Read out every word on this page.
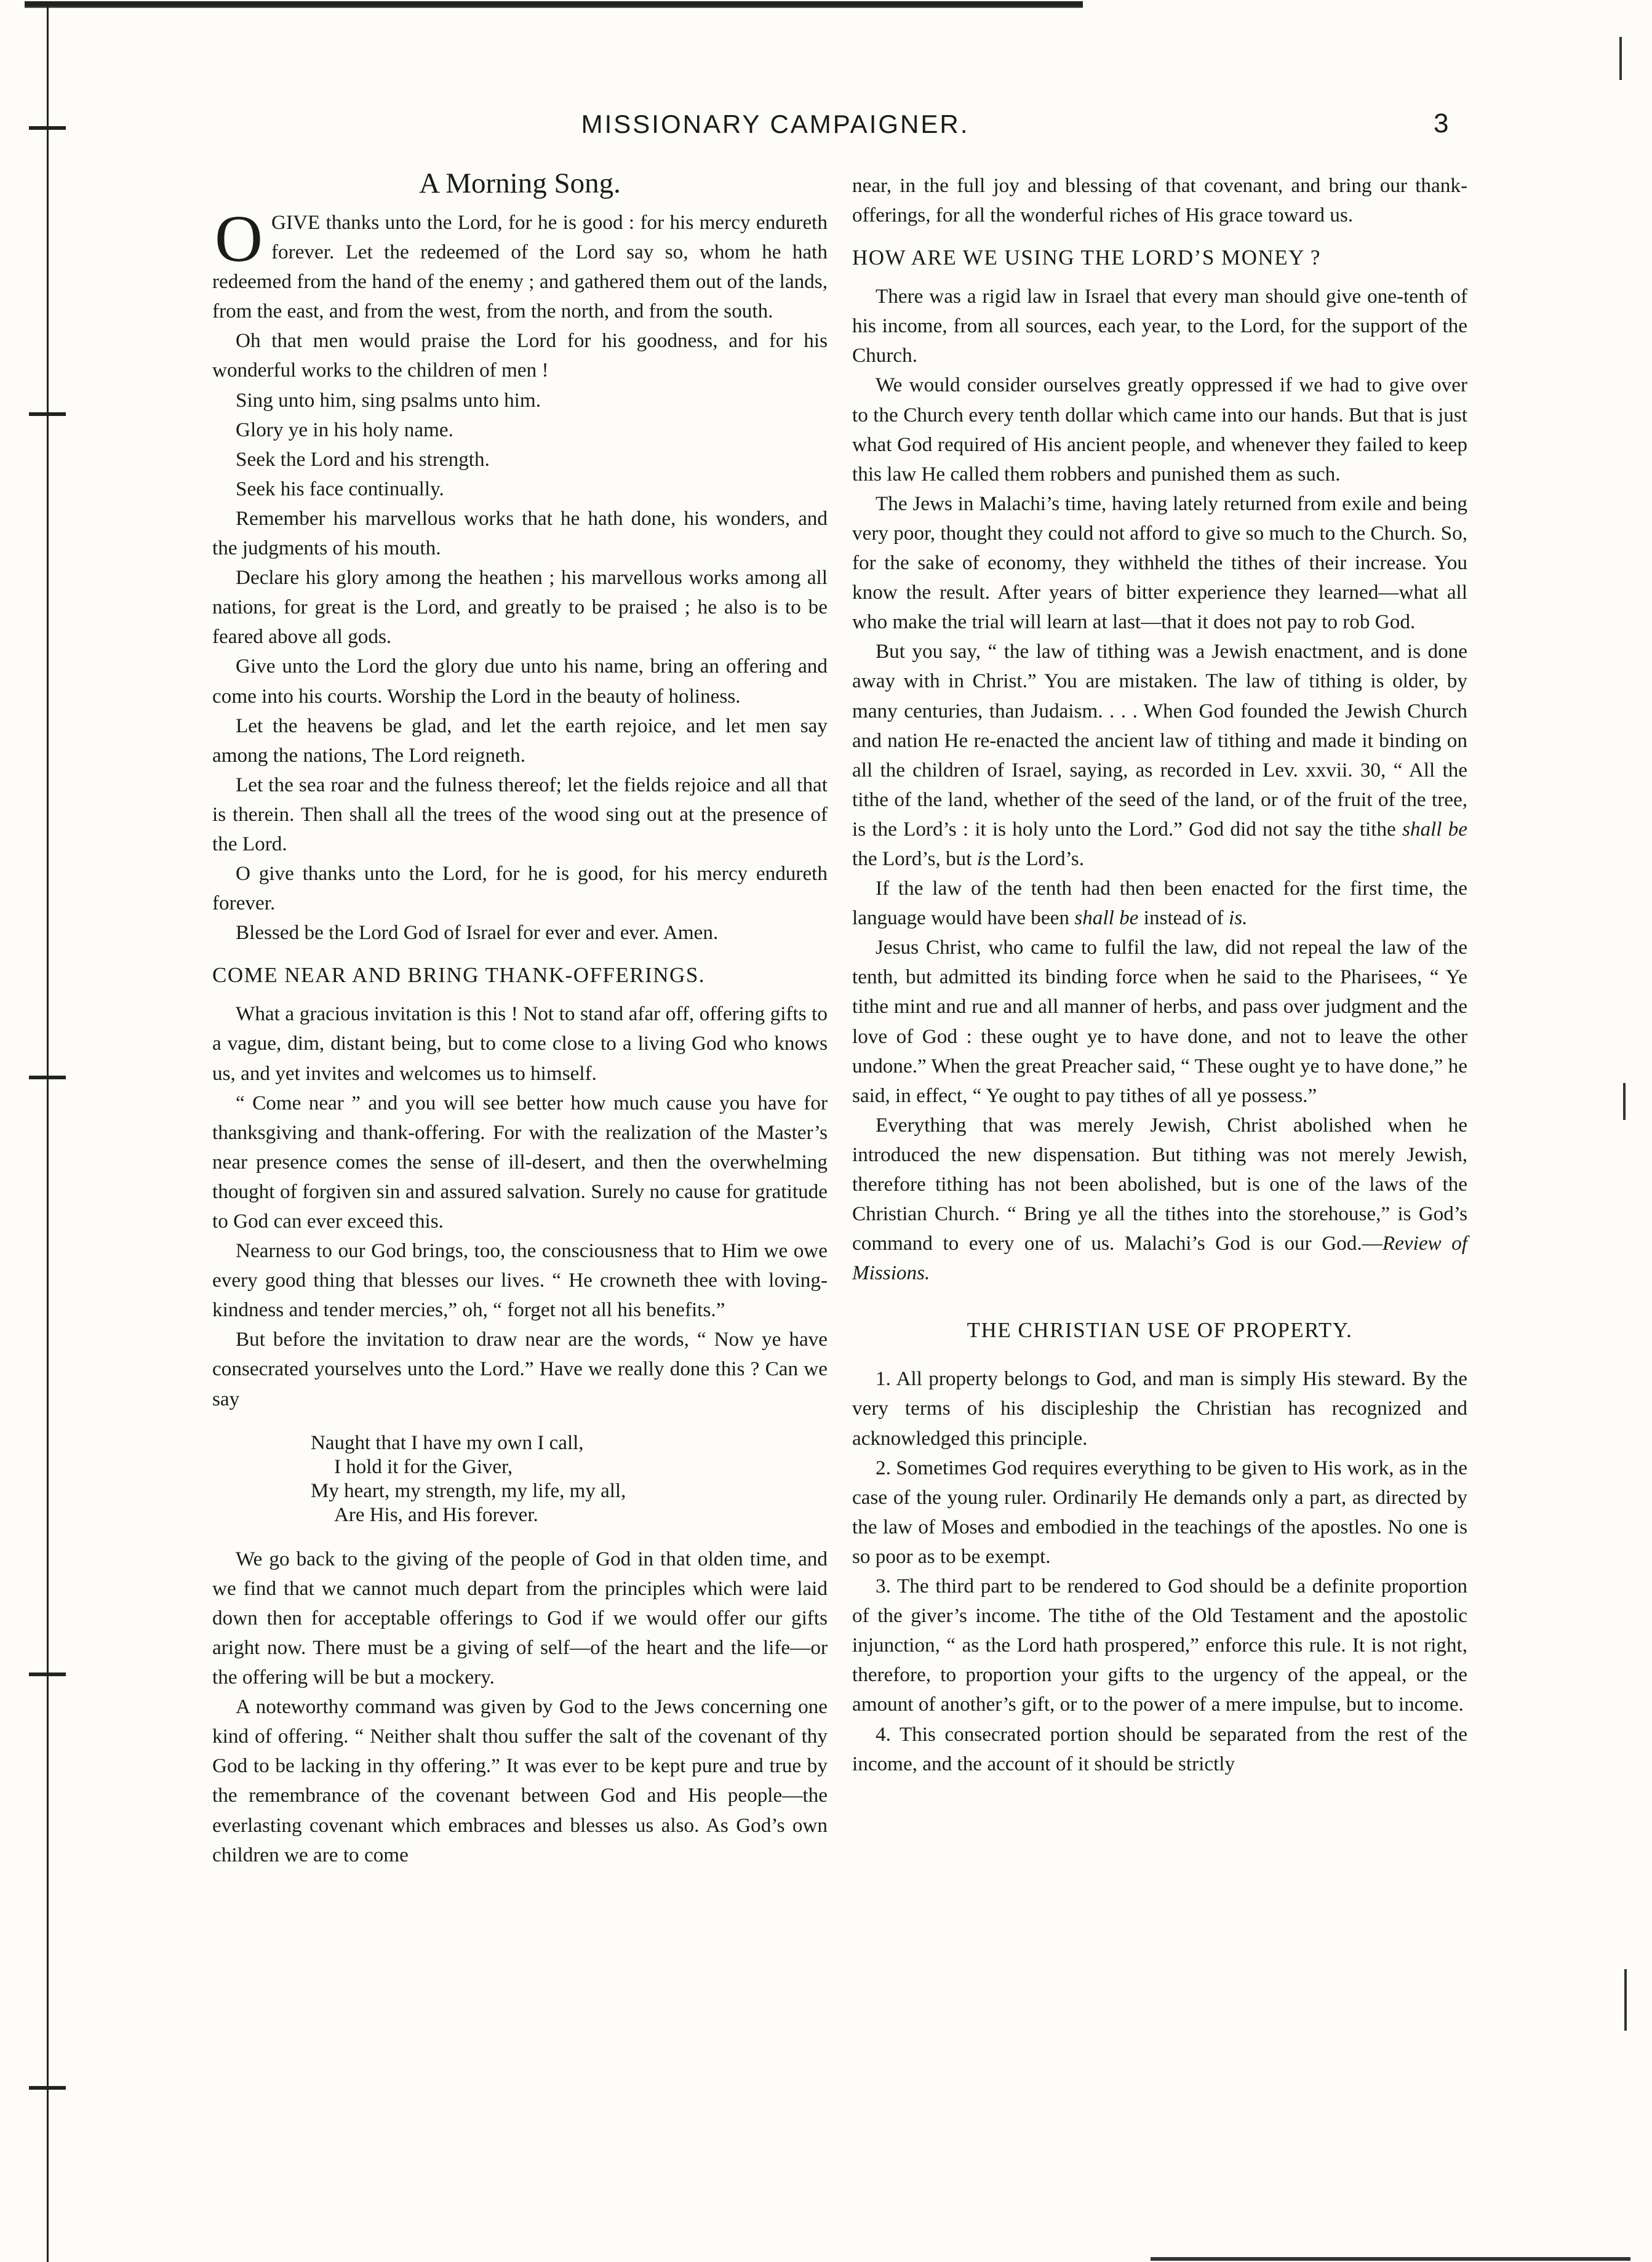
MISSIONARY CAMPAIGNER.	3
A Morning Song.
O GIVE thanks unto the Lord, for he is good : for his mercy endureth forever. Let the redeemed of the Lord say so, whom he hath redeemed from the hand of the enemy ; and gathered them out of the lands, from the east, and from the west, from the north, and from the south.

Oh that men would praise the Lord for his goodness, and for his wonderful works to the children of men !

Sing unto him, sing psalms unto him.

Glory ye in his holy name.

Seek the Lord and his strength.

Seek his face continually.

Remember his marvellous works that he hath done, his wonders, and the judgments of his mouth.

Declare his glory among the heathen ; his marvellous works among all nations, for great is the Lord, and greatly to be praised ; he also is to be feared above all gods.

Give unto the Lord the glory due unto his name, bring an offering and come into his courts. Worship the Lord in the beauty of holiness.

Let the heavens be glad, and let the earth rejoice, and let men say among the nations, The Lord reigneth.

Let the sea roar and the fulness thereof; let the fields rejoice and all that is therein. Then shall all the trees of the wood sing out at the presence of the Lord.

O give thanks unto the Lord, for he is good, for his mercy endureth forever.

Blessed be the Lord God of Israel for ever and ever. Amen.

COME NEAR AND BRING THANK-OFFERINGS.

What a gracious invitation is this ! Not to stand afar off, offering gifts to a vague, dim, distant being, but to come close to a living God who knows us, and yet invites and welcomes us to himself.

“ Come near ” and you will see better how much cause you have for thanksgiving and thank-offering. For with the realization of the Master’s near presence comes the sense of ill-desert, and then the overwhelming thought of forgiven sin and assured salvation. Surely no cause for gratitude to God can ever exceed this.

Nearness to our God brings, too, the consciousness that to Him we owe every good thing that blesses our lives. “ He crowneth thee with loving-kindness and tender mercies,” oh, “ forget not all his benefits.”

But before the invitation to draw near are the words, “ Now ye have consecrated yourselves unto the Lord.” Have we really done this ? Can we say

Naught that I have my own I call,
I hold it for the Giver,
My heart, my strength, my life, my all,
Are His, and His forever.

We go back to the giving of the people of God in that olden time, and we find that we cannot much depart from the principles which were laid down then for acceptable offerings to God if we would offer our gifts aright now. There must be a giving of self—of the heart and the life—or the offering will be but a mockery.

A noteworthy command was given by God to the Jews concerning one kind of offering. “ Neither shalt thou suffer the salt of the covenant of thy God to be lacking in thy offering.” It was ever to be kept pure and true by the remembrance of the covenant between God and His people—the everlasting covenant which embraces and blesses us also. As God’s own children we are to come

near, in the full joy and blessing of that covenant, and bring our thank-offerings, for all the wonderful riches of His grace toward us.

HOW ARE WE USING THE LORD’S MONEY ?

There was a rigid law in Israel that every man should give one-tenth of his income, from all sources, each year, to the Lord, for the support of the Church.

We would consider ourselves greatly oppressed if we had to give over to the Church every tenth dollar which came into our hands. But that is just what God required of His ancient people, and whenever they failed to keep this law He called them robbers and punished them as such.

The Jews in Malachi’s time, having lately returned from exile and being very poor, thought they could not afford to give so much to the Church. So, for the sake of economy, they withheld the tithes of their increase. You know the result. After years of bitter experience they learned—what all who make the trial will learn at last—that it does not pay to rob God.

But you say, “ the law of tithing was a Jewish enactment, and is done away with in Christ.” You are mistaken. The law of tithing is older, by many centuries, than Judaism. . . . When God founded the Jewish Church and nation He re-enacted the ancient law of tithing and made it binding on all the children of Israel, saying, as recorded in Lev. xxvii. 30, “ All the tithe of the land, whether of the seed of the land, or of the fruit of the tree, is the Lord’s : it is holy unto the Lord.” God did not say the tithe shall be the Lord’s, but is the Lord’s.

If the law of the tenth had then been enacted for the first time, the language would have been shall be instead of is.

Jesus Christ, who came to fulfil the law, did not repeal the law of the tenth, but admitted its binding force when he said to the Pharisees, “ Ye tithe mint and rue and all manner of herbs, and pass over judgment and the love of God : these ought ye to have done, and not to leave the other undone.” When the great Preacher said, “ These ought ye to have done,” he said, in effect, “ Ye ought to pay tithes of all ye possess.”

Everything that was merely Jewish, Christ abolished when he introduced the new dispensation. But tithing was not merely Jewish, therefore tithing has not been abolished, but is one of the laws of the Christian Church. “ Bring ye all the tithes into the storehouse,” is God’s command to every one of us. Malachi’s God is our God.—Review of Missions.

THE CHRISTIAN USE OF PROPERTY.

1. All property belongs to God, and man is simply His steward. By the very terms of his discipleship the Christian has recognized and acknowledged this principle.

2. Sometimes God requires everything to be given to His work, as in the case of the young ruler. Ordinarily He demands only a part, as directed by the law of Moses and embodied in the teachings of the apostles. No one is so poor as to be exempt.

3. The third part to be rendered to God should be a definite proportion of the giver’s income. The tithe of the Old Testament and the apostolic injunction, “ as the Lord hath prospered,” enforce this rule. It is not right, therefore, to proportion your gifts to the urgency of the appeal, or the amount of another’s gift, or to the power of a mere impulse, but to income.

4. This consecrated portion should be separated from the rest of the income, and the account of it should be strictly
